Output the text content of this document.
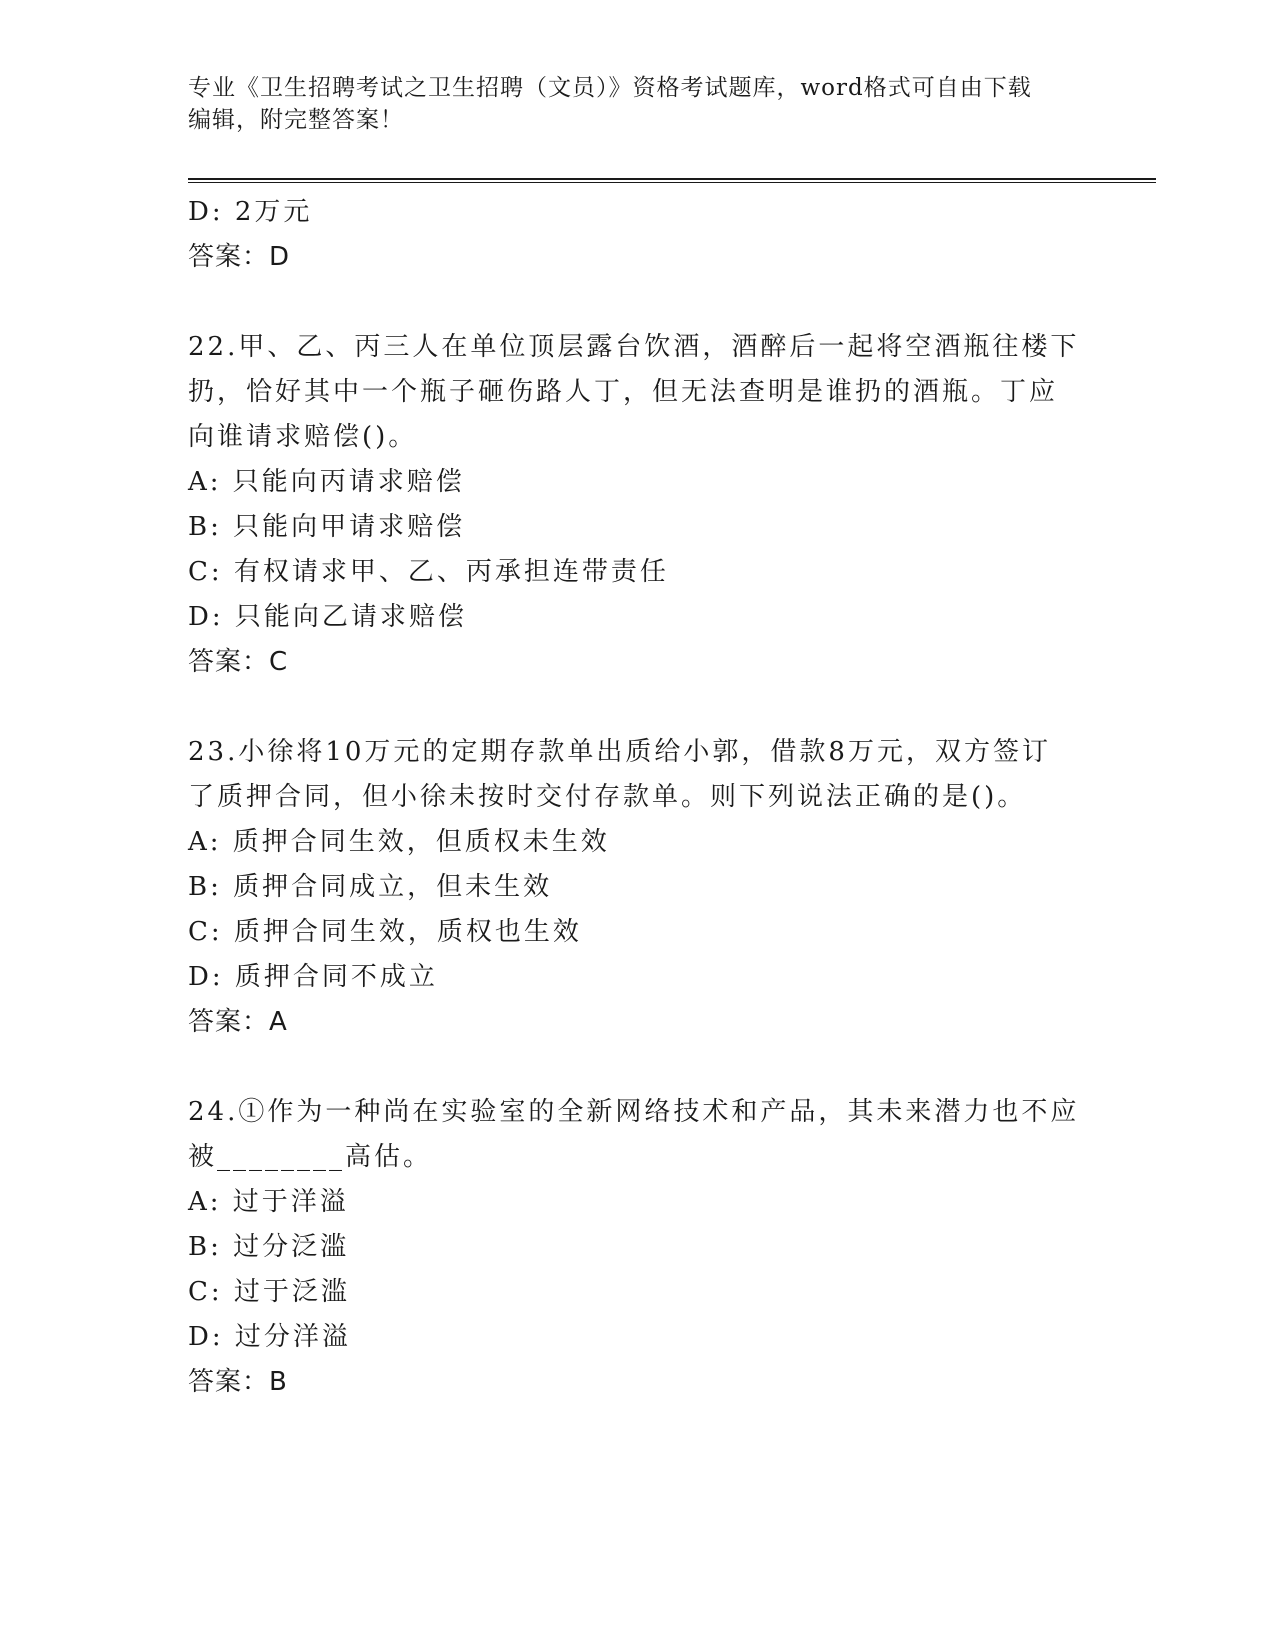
专业《卫生招聘考试之卫生招聘（文员）》资格考试题库，word格式可自由下载
编辑，附完整答案！
D: 2万元
答案：D
22.甲、乙、丙三人在单位顶层露台饮酒，酒醉后一起将空酒瓶往楼下
扔，恰好其中一个瓶子砸伤路人丁，但无法查明是谁扔的酒瓶。丁应
向谁请求赔偿()。
A: 只能向丙请求赔偿
B: 只能向甲请求赔偿
C: 有权请求甲、乙、丙承担连带责任
D: 只能向乙请求赔偿
答案：C
23.小徐将10万元的定期存款单出质给小郭，借款8万元，双方签订
了质押合同，但小徐未按时交付存款单。则下列说法正确的是()。
A: 质押合同生效，但质权未生效
B: 质押合同成立，但未生效
C: 质押合同生效，质权也生效
D: 质押合同不成立
答案：A
24.①作为一种尚在实验室的全新网络技术和产品，其未来潜力也不应
被________高估。
A: 过于洋溢
B: 过分泛滥
C: 过于泛滥
D: 过分洋溢
答案：B
